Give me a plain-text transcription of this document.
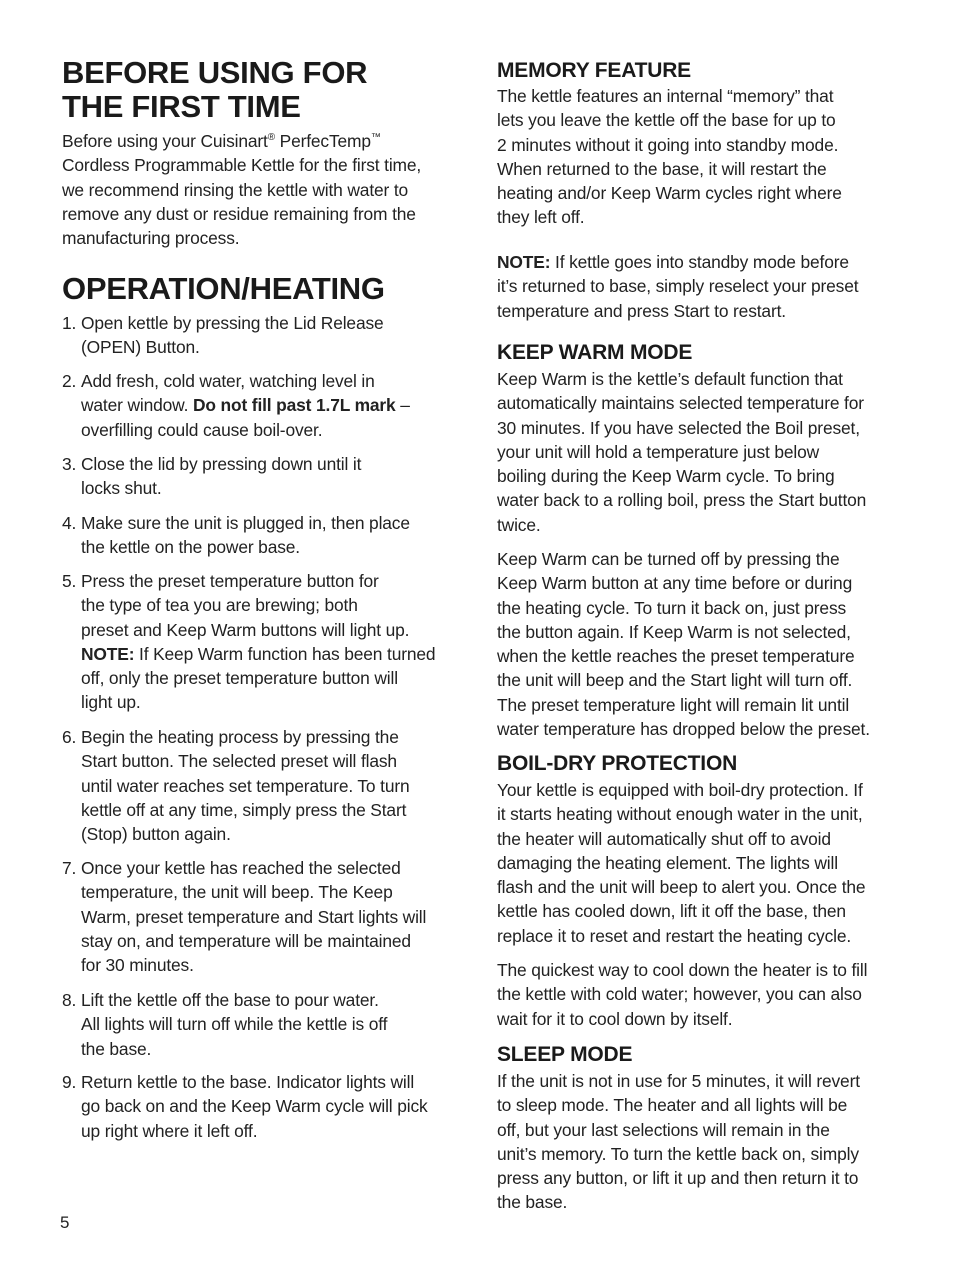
BEFORE USING FOR
THE FIRST TIME
Before using your Cuisinart® PerfecTemp™
Cordless Programmable Kettle for the first time,
we recommend rinsing the kettle with water to
remove any dust or residue remaining from the
manufacturing process.
OPERATION/HEATING
1. Open kettle by pressing the Lid Release
(OPEN) Button.
2. Add fresh, cold water, watching level in
water window. Do not fill past 1.7L mark –
overfilling could cause boil-over.
3. Close the lid by pressing down until it
locks shut.
4. Make sure the unit is plugged in, then place
the kettle on the power base.
5. Press the preset temperature button for
the type of tea you are brewing; both
preset and Keep Warm buttons will light up.
NOTE: If Keep Warm function has been turned
off, only the preset temperature button will
light up.
6. Begin the heating process by pressing the
Start button. The selected preset will flash
until water reaches set temperature. To turn
kettle off at any time, simply press the Start
(Stop) button again.
7. Once your kettle has reached the selected
temperature, the unit will beep. The Keep
Warm, preset temperature and Start lights will
stay on, and temperature will be maintained
for 30 minutes.
8. Lift the kettle off the base to pour water.
All lights will turn off while the kettle is off
the base.
9. Return kettle to the base. Indicator lights will
go back on and the Keep Warm cycle will pick
up right where it left off.
5
MEMORY FEATURE
The kettle features an internal “memory” that
lets you leave the kettle off the base for up to
2 minutes without it going into standby mode.
When returned to the base, it will restart the
heating and/or Keep Warm cycles right where
they left off.
NOTE: If kettle goes into standby mode before
it’s returned to base, simply reselect your preset
temperature and press Start to restart.
KEEP WARM MODE
Keep Warm is the kettle’s default function that
automatically maintains selected temperature for
30 minutes. If you have selected the Boil preset,
your unit will hold a temperature just below
boiling during the Keep Warm cycle. To bring
water back to a rolling boil, press the Start button
twice.
Keep Warm can be turned off by pressing the
Keep Warm button at any time before or during
the heating cycle. To turn it back on, just press
the button again. If Keep Warm is not selected,
when the kettle reaches the preset temperature
the unit will beep and the Start light will turn off.
The preset temperature light will remain lit until
water temperature has dropped below the preset.
BOIL-DRY PROTECTION
Your kettle is equipped with boil-dry protection. If
it starts heating without enough water in the unit,
the heater will automatically shut off to avoid
damaging the heating element. The lights will
flash and the unit will beep to alert you. Once the
kettle has cooled down, lift it off the base, then
replace it to reset and restart the heating cycle.
The quickest way to cool down the heater is to fill
the kettle with cold water; however, you can also
wait for it to cool down by itself.
SLEEP MODE
If the unit is not in use for 5 minutes, it will revert
to sleep mode. The heater and all lights will be
off, but your last selections will remain in the
unit’s memory. To turn the kettle back on, simply
press any button, or lift it up and then return it to
the base.
